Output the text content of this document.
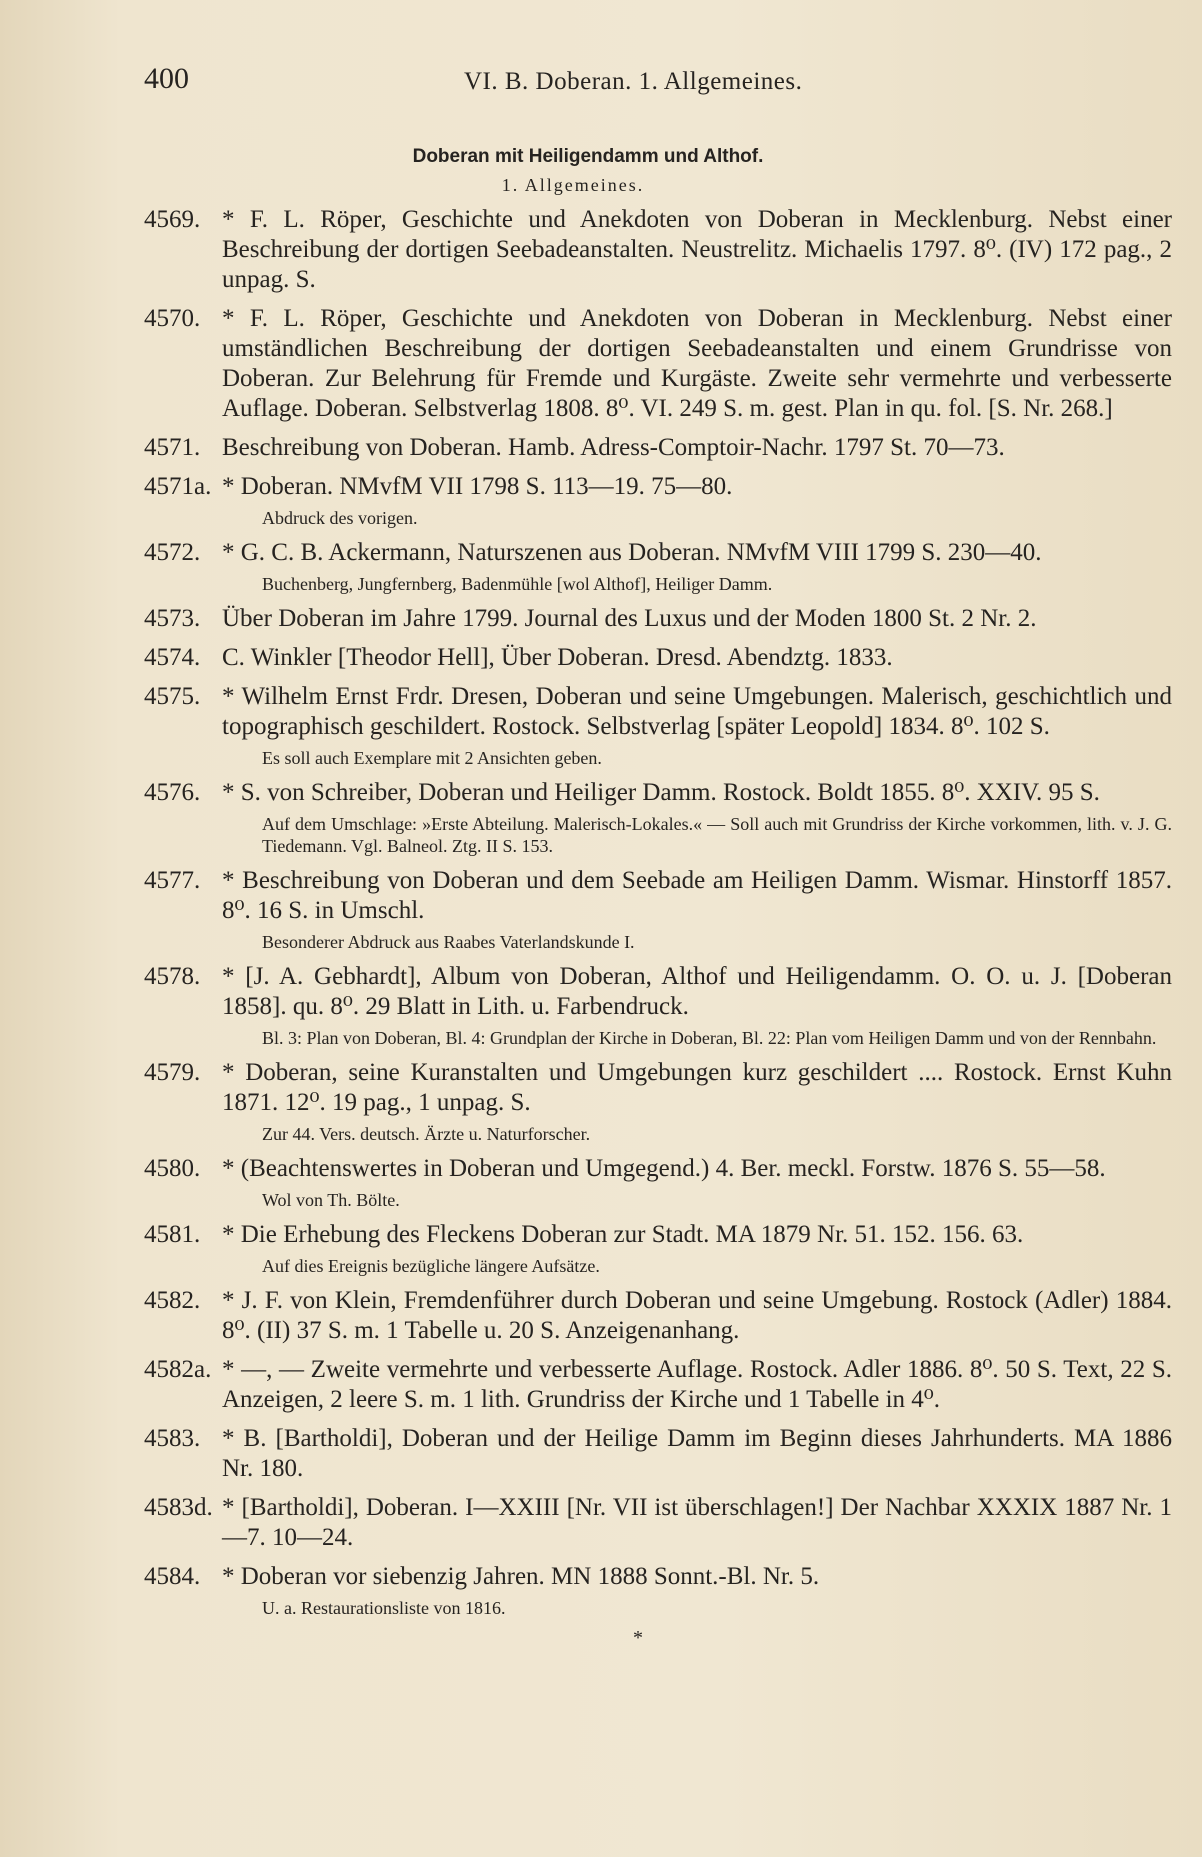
400	VI. B. Doberan. 1. Allgemeines.
Doberan mit Heiligendamm und Althof.
1. Allgemeines.
4569. * F. L. Röper, Geschichte und Anekdoten von Doberan in Mecklenburg. Nebst einer Beschreibung der dortigen Seebadeanstalten. Neustrelitz. Michaelis 1797. 8⁰. (IV) 172 pag., 2 unpag. S.
4570. * F. L. Röper, Geschichte und Anekdoten von Doberan in Mecklenburg. Nebst einer umständlichen Beschreibung der dortigen Seebadeanstalten und einem Grundrisse von Doberan. Zur Belehrung für Fremde und Kurgäste. Zweite sehr vermehrte und verbesserte Auflage. Doberan. Selbstverlag 1808. 8⁰. VI. 249 S. m. gest. Plan in qu. fol. [S. Nr. 268.]
4571. Beschreibung von Doberan. Hamb. Adress-Comptoir-Nachr. 1797 St. 70—73.
4571a. * Doberan. NMvfM VII 1798 S. 113—19. 75—80.
Abdruck des vorigen.
4572. * G. C. B. Ackermann, Naturszenen aus Doberan. NMvfM VIII 1799 S. 230—40.
Buchenberg, Jungfernberg, Badenmühle [wol Althof], Heiliger Damm.
4573. Über Doberan im Jahre 1799. Journal des Luxus und der Moden 1800 St. 2 Nr. 2.
4574. C. Winkler [Theodor Hell], Über Doberan. Dresd. Abendztg. 1833.
4575. * Wilhelm Ernst Frdr. Dresen, Doberan und seine Umgebungen. Malerisch, geschichtlich und topographisch geschildert. Rostock. Selbstverlag [später Leopold] 1834. 8⁰. 102 S.
Es soll auch Exemplare mit 2 Ansichten geben.
4576. * S. von Schreiber, Doberan und Heiliger Damm. Rostock. Boldt 1855. 8⁰. XXIV. 95 S.
Auf dem Umschlage: »Erste Abteilung. Malerisch-Lokales.« — Soll auch mit Grundriss der Kirche vorkommen, lith. v. J. G. Tiedemann. Vgl. Balneol. Ztg. II S. 153.
4577. * Beschreibung von Doberan und dem Seebade am Heiligen Damm. Wismar. Hinstorff 1857. 8⁰. 16 S. in Umschl.
Besonderer Abdruck aus Raabes Vaterlandskunde I.
4578. * [J. A. Gebhardt], Album von Doberan, Althof und Heiligendamm. O. O. u. J. [Doberan 1858]. qu. 8⁰. 29 Blatt in Lith. u. Farbendruck.
Bl. 3: Plan von Doberan, Bl. 4: Grundplan der Kirche in Doberan, Bl. 22: Plan vom Heiligen Damm und von der Rennbahn.
4579. * Doberan, seine Kuranstalten und Umgebungen kurz geschildert .... Rostock. Ernst Kuhn 1871. 12⁰. 19 pag., 1 unpag. S.
Zur 44. Vers. deutsch. Ärzte u. Naturforscher.
4580. * (Beachtenswertes in Doberan und Umgegend.) 4. Ber. meckl. Forstw. 1876 S. 55—58.
Wol von Th. Bölte.
4581. * Die Erhebung des Fleckens Doberan zur Stadt. MA 1879 Nr. 51. 152. 156. 63.
Auf dies Ereignis bezügliche längere Aufsätze.
4582. * J. F. von Klein, Fremdenführer durch Doberan und seine Umgebung. Rostock (Adler) 1884. 8⁰. (II) 37 S. m. 1 Tabelle u. 20 S. Anzeigenanhang.
4582a. * —, — Zweite vermehrte und verbesserte Auflage. Rostock. Adler 1886. 8⁰. 50 S. Text, 22 S. Anzeigen, 2 leere S. m. 1 lith. Grundriss der Kirche und 1 Tabelle in 4⁰.
4583. * B. [Bartholdi], Doberan und der Heilige Damm im Beginn dieses Jahrhunderts. MA 1886 Nr. 180.
4583d. * [Bartholdi], Doberan. I—XXIII [Nr. VII ist überschlagen!] Der Nachbar XXXIX 1887 Nr. 1—7. 10—24.
4584. * Doberan vor siebenzig Jahren. MN 1888 Sonnt.-Bl. Nr. 5.
U. a. Restaurationsliste von 1816.
*
